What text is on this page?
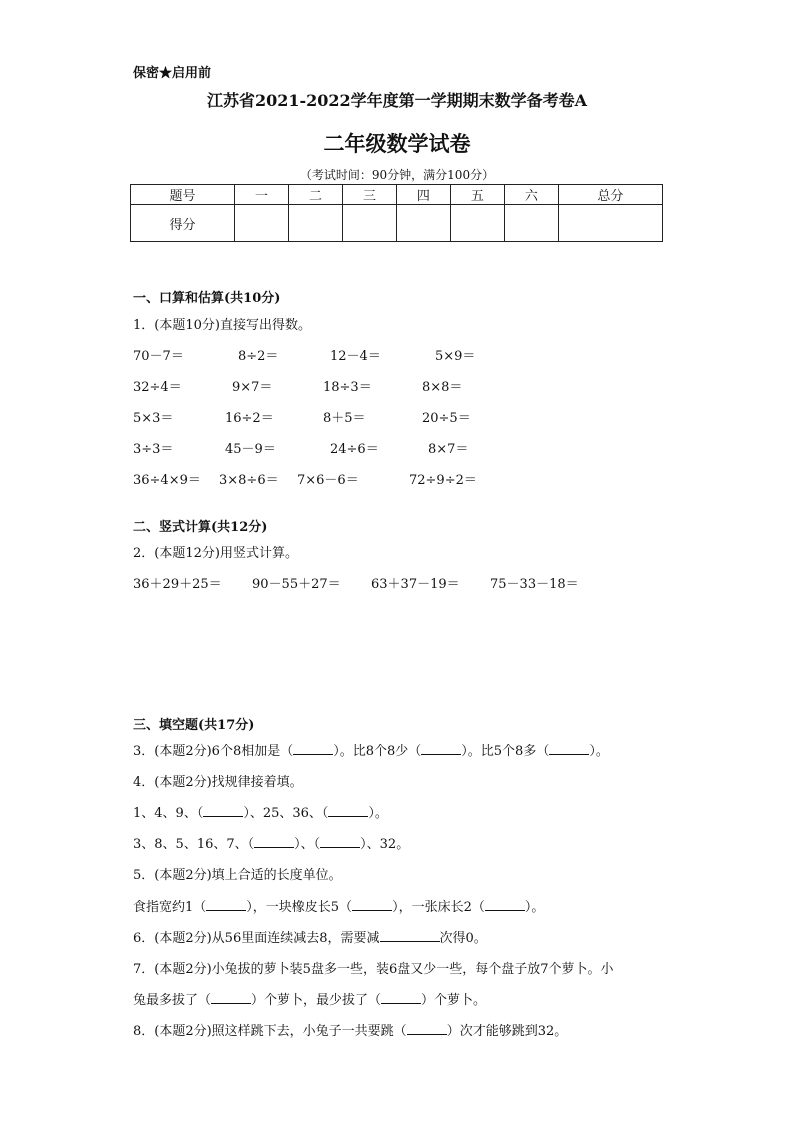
保密★启用前
江苏省2021-2022学年度第一学期期末数学备考卷A
二年级数学试卷
（考试时间：90分钟，满分100分）
题号	一	二	三	四	五	六	总分
得分							
一、口算和估算(共10分)
1．(本题10分)直接写出得数。
70－7＝	8÷2＝	12－4＝	5×9＝
32÷4＝	9×7＝	18÷3＝	8×8＝
5×3＝	16÷2＝	8＋5＝	20÷5＝
3÷3＝	45－9＝	24÷6＝	8×7＝
36÷4×9＝ 3×8÷6＝ 7×6－6＝	72÷9÷2＝
二、竖式计算(共12分)
2．(本题12分)用竖式计算。
36＋29＋25＝ 90－55＋27＝ 63＋37－19＝ 75－33－18＝
三、填空题(共17分)
3．(本题2分)6个8相加是（	）。比8个8少（	）。比5个8多（	）。
4．(本题2分)找规律接着填。
1、4、9、（	）、25、36、（	）。
3、8、5、16、7、（	）、（	）、32。
5．(本题2分)填上合适的长度单位。
食指宽约1（	），一块橡皮长5（	），一张床长2（	）。
6．(本题2分)从56里面连续减去8，需要减	次得0。
7．(本题2分)小兔拔的萝卜装5盘多一些，装6盘又少一些，每个盘子放7个萝卜。小
兔最多拔了（	）个萝卜，最少拔了（	）个萝卜。
8．(本题2分)照这样跳下去，小兔子一共要跳（	）次才能够跳到32。
